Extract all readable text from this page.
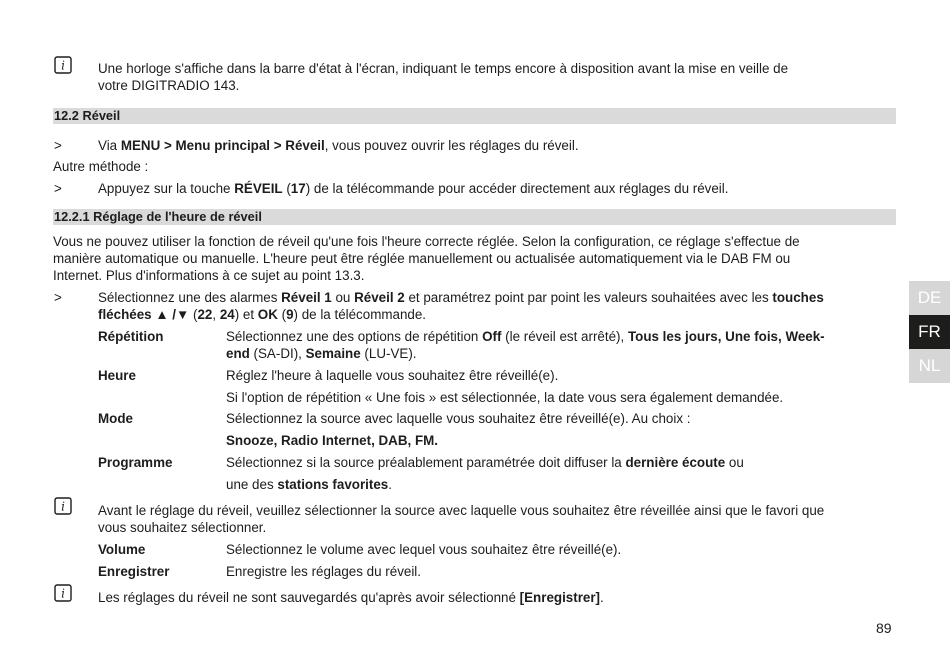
i Une horloge s'affiche dans la barre d'état à l'écran, indiquant le temps encore à disposition avant la mise en veille de
votre DIGITRADIO 143.
12.2 Réveil
>	Via MENU > Menu principal > Réveil, vous pouvez ouvrir les réglages du réveil.
Autre méthode :
>	Appuyez sur la touche RÉVEIL (17) de la télécommande pour accéder directement aux réglages du réveil.
12.2.1 Réglage de l'heure de réveil
Vous ne pouvez utiliser la fonction de réveil qu'une fois l'heure correcte réglée. Selon la configuration, ce réglage s'effectue de
manière automatique ou manuelle. L'heure peut être réglée manuellement ou actualisée automatiquement via le DAB FM ou
Internet. Plus d'informations à ce sujet au point 13.3.
>	Sélectionnez une des alarmes Réveil 1 ou Réveil 2 et paramétrez point par point les valeurs souhaitées avec les touches
fléchées ▲ /▼ (22, 24) et OK (9) de la télécommande.
Répétition	Sélectionnez une des options de répétition Off (le réveil est arrêté), Tous les jours, Une fois, Week-
end (SA-DI), Semaine (LU-VE).
Heure	Réglez l'heure à laquelle vous souhaitez être réveillé(e).
Si l'option de répétition « Une fois » est sélectionnée, la date vous sera également demandée.
Mode	Sélectionnez la source avec laquelle vous souhaitez être réveillé(e). Au choix :
Snooze, Radio Internet, DAB, FM.
Programme	Sélectionnez si la source préalablement paramétrée doit diffuser la dernière écoute ou
une des stations favorites.
i Avant le réglage du réveil, veuillez sélectionner la source avec laquelle vous souhaitez être réveillée ainsi que le favori que
vous souhaitez sélectionner.
Volume	Sélectionnez le volume avec lequel vous souhaitez être réveillé(e).
Enregistrer	Enregistre les réglages du réveil.
i Les réglages du réveil ne sont sauvegardés qu'après avoir sélectionné [Enregistrer].
DE
FR
NL
89
